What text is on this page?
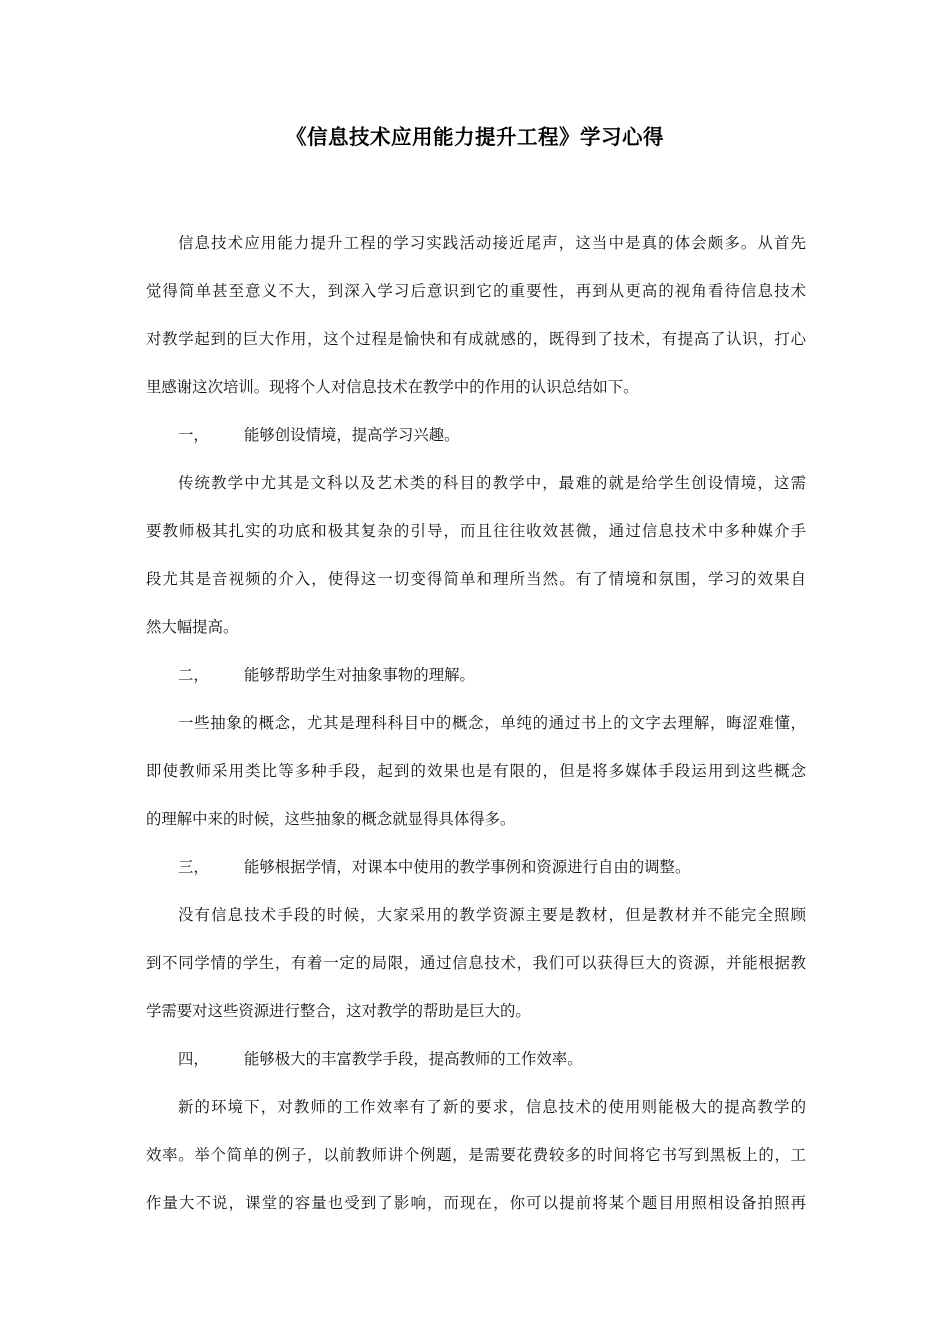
《信息技术应用能力提升工程》学习心得
信息技术应用能力提升工程的学习实践活动接近尾声，这当中是真的体会颇多。从首先
觉得简单甚至意义不大，到深入学习后意识到它的重要性，再到从更高的视角看待信息技术
对教学起到的巨大作用，这个过程是愉快和有成就感的，既得到了技术，有提高了认识，打心
里感谢这次培训。现将个人对信息技术在教学中的作用的认识总结如下。

一， 能够创设情境，提高学习兴趣。

传统教学中尤其是文科以及艺术类的科目的教学中，最难的就是给学生创设情境，这需
要教师极其扎实的功底和极其复杂的引导，而且往往收效甚微，通过信息技术中多种媒介手
段尤其是音视频的介入，使得这一切变得简单和理所当然。有了情境和氛围，学习的效果自
然大幅提高。

二， 能够帮助学生对抽象事物的理解。

一些抽象的概念，尤其是理科科目中的概念，单纯的通过书上的文字去理解，晦涩难懂，
即使教师采用类比等多种手段，起到的效果也是有限的，但是将多媒体手段运用到这些概念
的理解中来的时候，这些抽象的概念就显得具体得多。

三， 能够根据学情，对课本中使用的教学事例和资源进行自由的调整。

没有信息技术手段的时候，大家采用的教学资源主要是教材，但是教材并不能完全照顾
到不同学情的学生，有着一定的局限，通过信息技术，我们可以获得巨大的资源，并能根据教
学需要对这些资源进行整合，这对教学的帮助是巨大的。

四， 能够极大的丰富教学手段，提高教师的工作效率。

新的环境下，对教师的工作效率有了新的要求，信息技术的使用则能极大的提高教学的
效率。举个简单的例子，以前教师讲个例题，是需要花费较多的时间将它书写到黑板上的，工
作量大不说，课堂的容量也受到了影响，而现在，你可以提前将某个题目用照相设备拍照再
